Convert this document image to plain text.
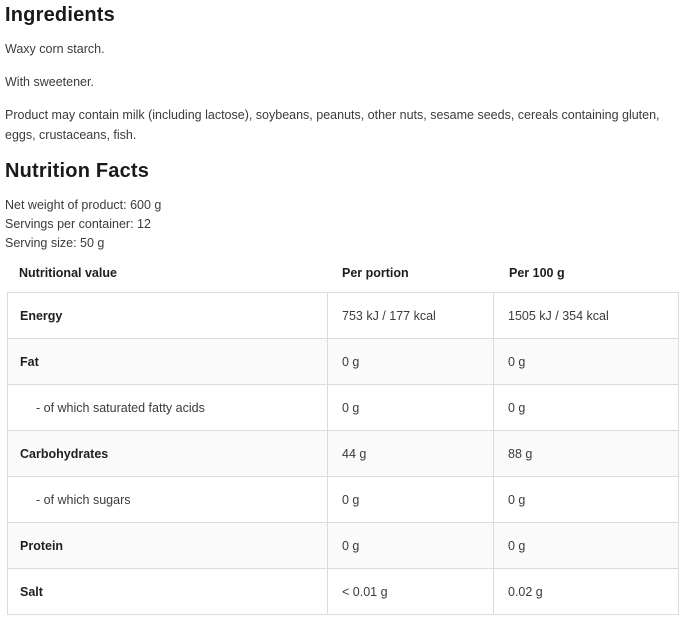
Ingredients

Waxy corn starch.

With sweetener.

Product may contain milk (including lactose), soybeans, peanuts, other nuts, sesame seeds, cereals containing gluten, eggs, crustaceans, fish.

Nutrition Facts
Net weight of product: 600 g
Servings per container: 12
Serving size: 50 g
Nutritional value	Per portion	Per 100 g
Energy	753 kJ / 177 kcal	1505 kJ / 354 kcal
Fat	0 g	0 g
- of which saturated fatty acids	0 g	0 g
Carbohydrates	44 g	88 g
- of which sugars	0 g	0 g
Protein	0 g	0 g
Salt	< 0.01 g	0.02 g
